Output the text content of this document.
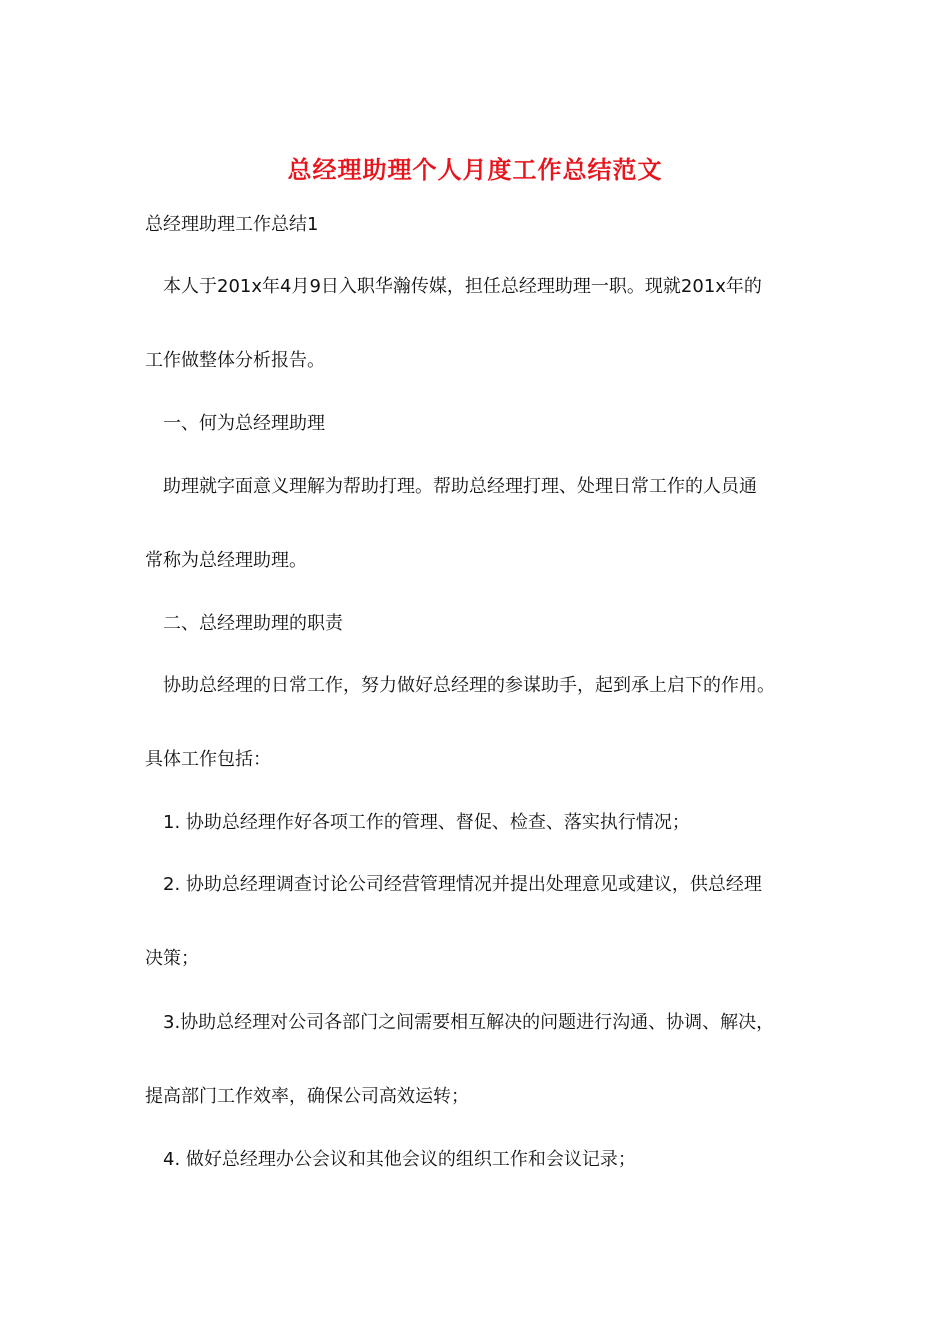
总经理助理个人月度工作总结范文
总经理助理工作总结1
本人于201x年4月9日入职华瀚传媒，担任总经理助理一职。现就201x年的
工作做整体分析报告。
一、何为总经理助理
助理就字面意义理解为帮助打理。帮助总经理打理、处理日常工作的人员通
常称为总经理助理。
二、总经理助理的职责
协助总经理的日常工作，努力做好总经理的参谋助手，起到承上启下的作用。
具体工作包括：
1. 协助总经理作好各项工作的管理、督促、检查、落实执行情况；
2. 协助总经理调查讨论公司经营管理情况并提出处理意见或建议，供总经理
决策；
3.协助总经理对公司各部门之间需要相互解决的问题进行沟通、协调、解决，
提高部门工作效率，确保公司高效运转；
4. 做好总经理办公会议和其他会议的组织工作和会议记录；
